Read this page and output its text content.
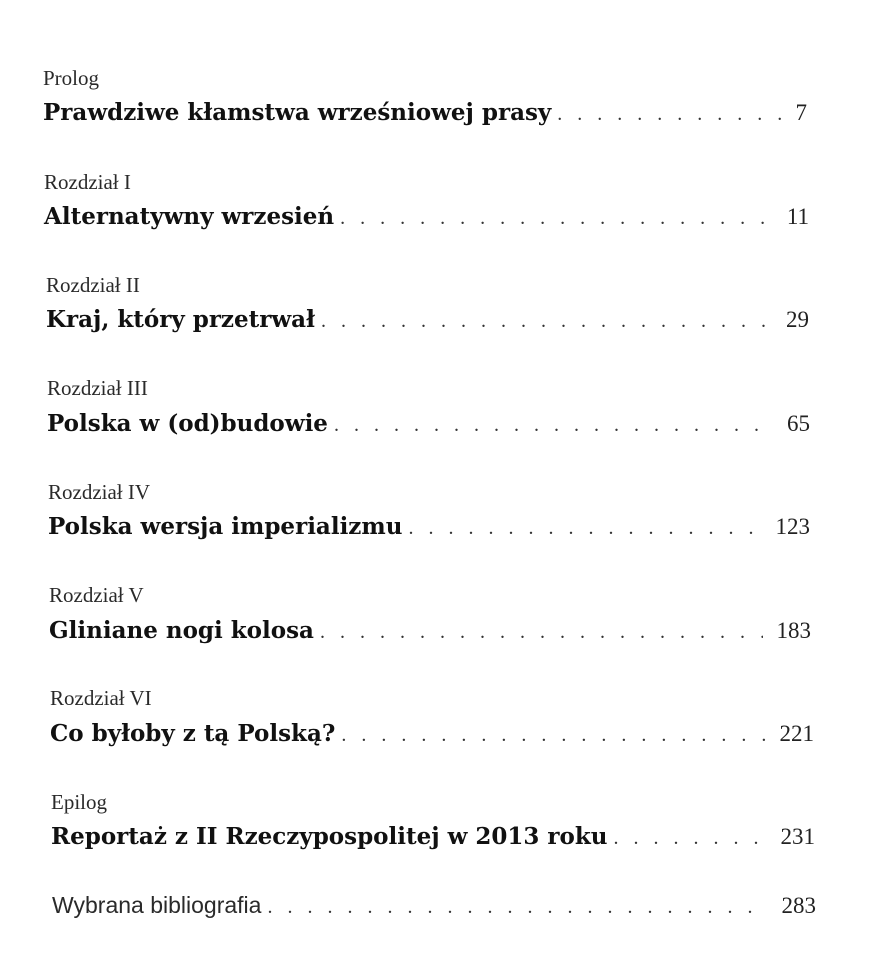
Prolog
Prawdziwe kłamstwa wrześniowej prasy . . .	7
Rozdział I
Alternatywny wrzesień . . .	11
Rozdział II
Kraj, który przetrwał . . .	29
Rozdział III
Polska w (od)budowie . . .	65
Rozdział IV
Polska wersja imperializmu . . .	123
Rozdział V
Gliniane nogi kolosa . . .	183
Rozdział VI
Co byłoby z tą Polską? . . .	221
Epilog
Reportaż z II Rzeczypospolitej w 2013 roku . . .	231
Wybrana bibliografia . . .	283
